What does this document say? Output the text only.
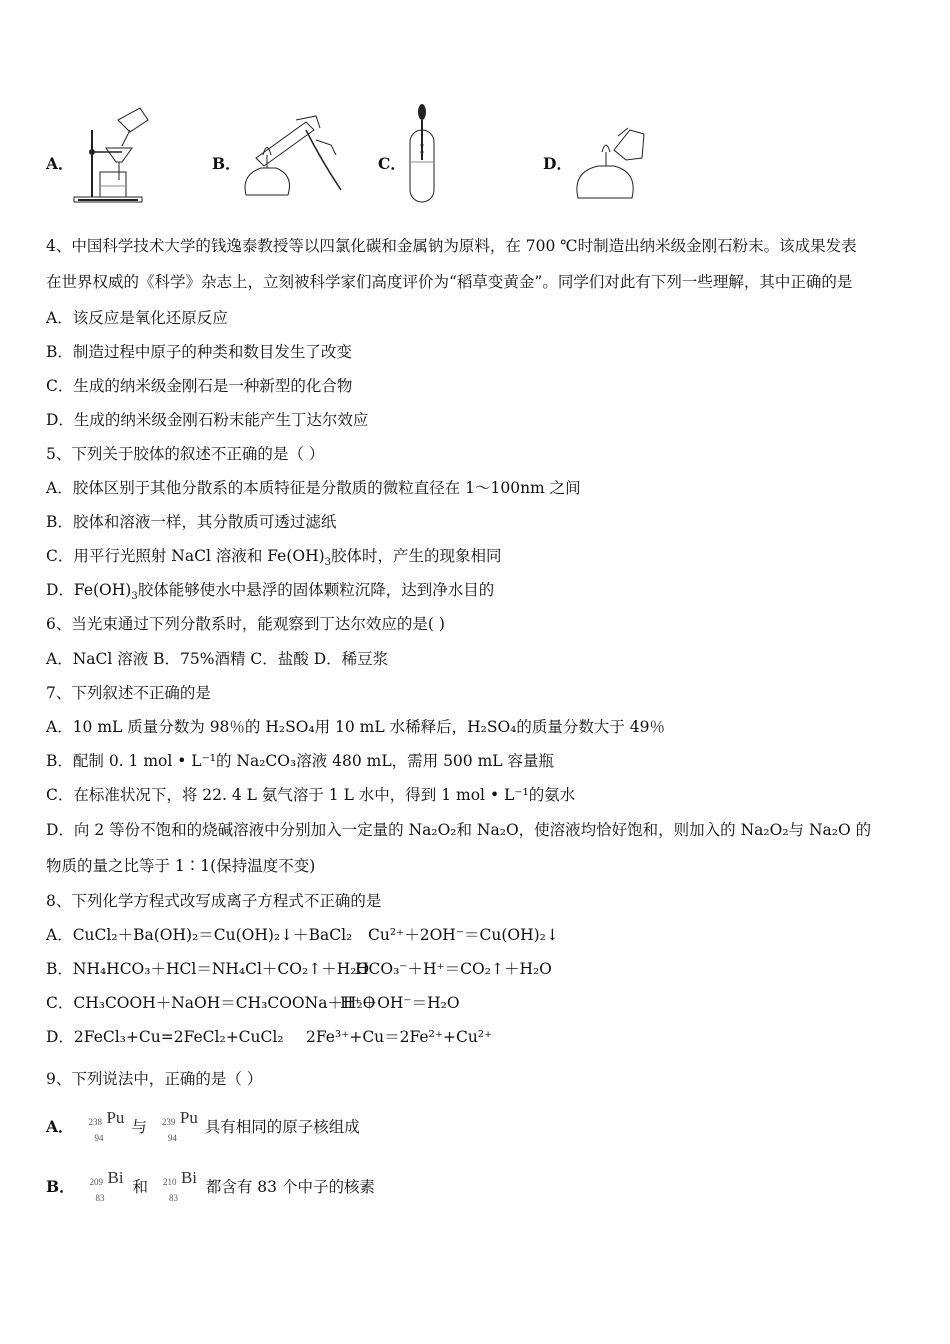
A．	B．	C．	D．
4、中国科学技术大学的钱逸泰教授等以四氯化碳和金属钠为原料，在 700 ℃时制造出纳米级金刚石粉末。该成果发表
在世界权威的《科学》杂志上，立刻被科学家们高度评价为“稻草变黄金”。同学们对此有下列一些理解，其中正确的是
A．该反应是氧化还原反应
B．制造过程中原子的种类和数目发生了改变
C．生成的纳米级金刚石是一种新型的化合物
D．生成的纳米级金刚石粉末能产生丁达尔效应
5、下列关于胶体的叙述不正确的是（ ）
A．胶体区别于其他分散系的本质特征是分散质的微粒直径在 1～100nm 之间
B．胶体和溶液一样，其分散质可透过滤纸
C．用平行光照射 NaCl 溶液和 $Fe(OH)_3$胶体时，产生的现象相同
D．$Fe(OH)_3$胶体能够使水中悬浮的固体颗粒沉降，达到净水目的
6、当光束通过下列分散系时，能观察到丁达尔效应的是( )
A．NaCl 溶液 B．75%酒精 C．盐酸 D．稀豆浆
7、下列叙述不正确的是
A．10 mL 质量分数为 98％的 H₂SO₄用 10 mL 水稀释后，H₂SO₄的质量分数大于 49％
B．配制 0. 1 mol • L⁻¹的 Na₂CO₃溶液 480 mL，需用 500 mL 容量瓶
C．在标准状况下，将 22. 4 L 氨气溶于 1 L 水中，得到 1 mol • L⁻¹的氨水
D．向 2 等份不饱和的烧碱溶液中分别加入一定量的 Na₂O₂和 Na₂O，使溶液均恰好饱和，则加入的 Na₂O₂与 Na₂O 的
物质的量之比等于 1∶1(保持温度不变)
8、下列化学方程式改写成离子方程式不正确的是
A．CuCl₂＋Ba(OH)₂＝Cu(OH)₂↓＋BaCl₂ Cu²⁺＋2OH⁻＝Cu(OH)₂↓
B．NH₄HCO₃＋HCl＝NH₄Cl＋CO₂↑＋H₂O
HCO₃⁻＋H⁺＝CO₂↑＋H₂O
C．CH₃COOH＋NaOH＝CH₃COONa＋H₂O
H⁺＋OH⁻＝H₂O
D．2FeCl₃+Cu=2FeCl₂+CuCl₂ 2Fe³⁺+Cu＝2Fe²⁺+Cu²⁺
9、下列说法中，正确的是（ ）
A． 238
94
Pu 与 239
94
Pu 具有相同的原子核组成
B． 209
83
Bi 和 210
83
Bi 都含有 83 个中子的核素
